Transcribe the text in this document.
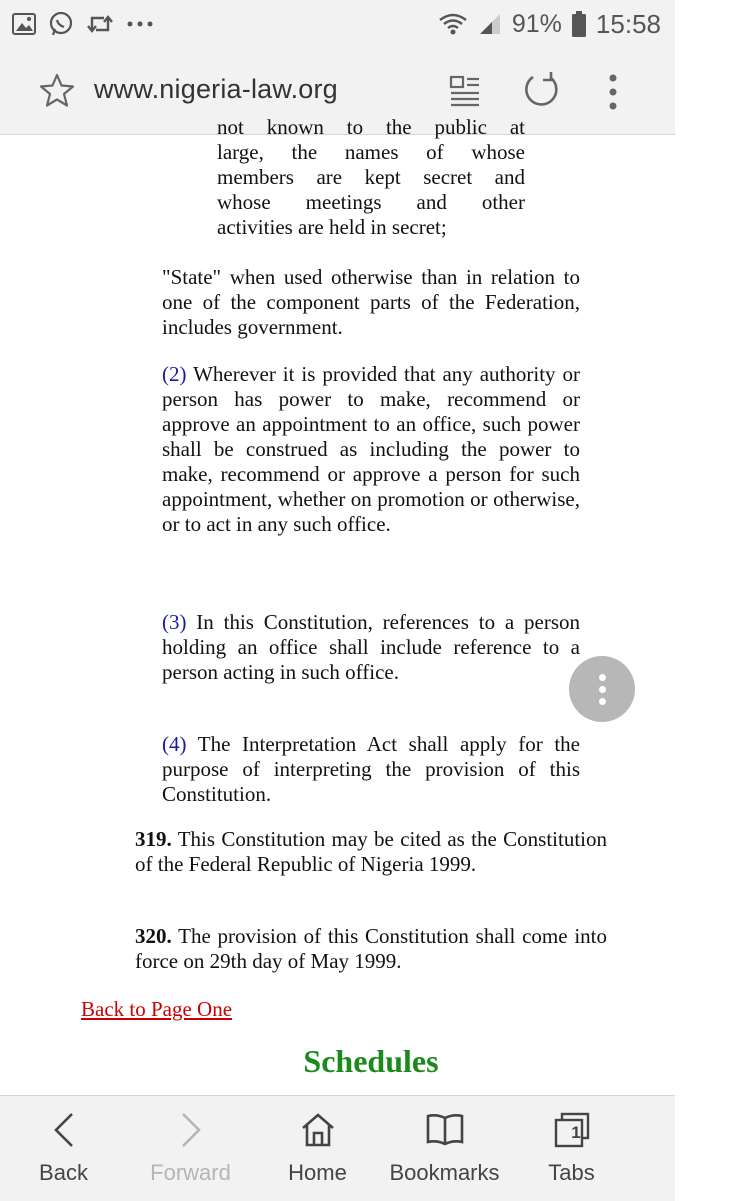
91% 15:58
www.nigeria-law.org
not known to the public at
large, the names of whose
members are kept secret and
whose meetings and other
activities are held in secret;

"State" when used otherwise than in relation to one of the component parts of the Federation, includes government.

(2) Wherever it is provided that any authority or person has power to make, recommend or approve an appointment to an office, such power shall be construed as including the power to make, recommend or approve a person for such appointment, whether on promotion or otherwise, or to act in any such office.

(3) In this Constitution, references to a person holding an office shall include reference to a person acting in such office.

(4) The Interpretation Act shall apply for the purpose of interpreting the provision of this Constitution.

319. This Constitution may be cited as the Constitution of the Federal Republic of Nigeria 1999.

320. The provision of this Constitution shall come into force on 29th day of May 1999.

Back to Page One
Schedules
Back	Forward	Home	Bookmarks
1
Tabs
